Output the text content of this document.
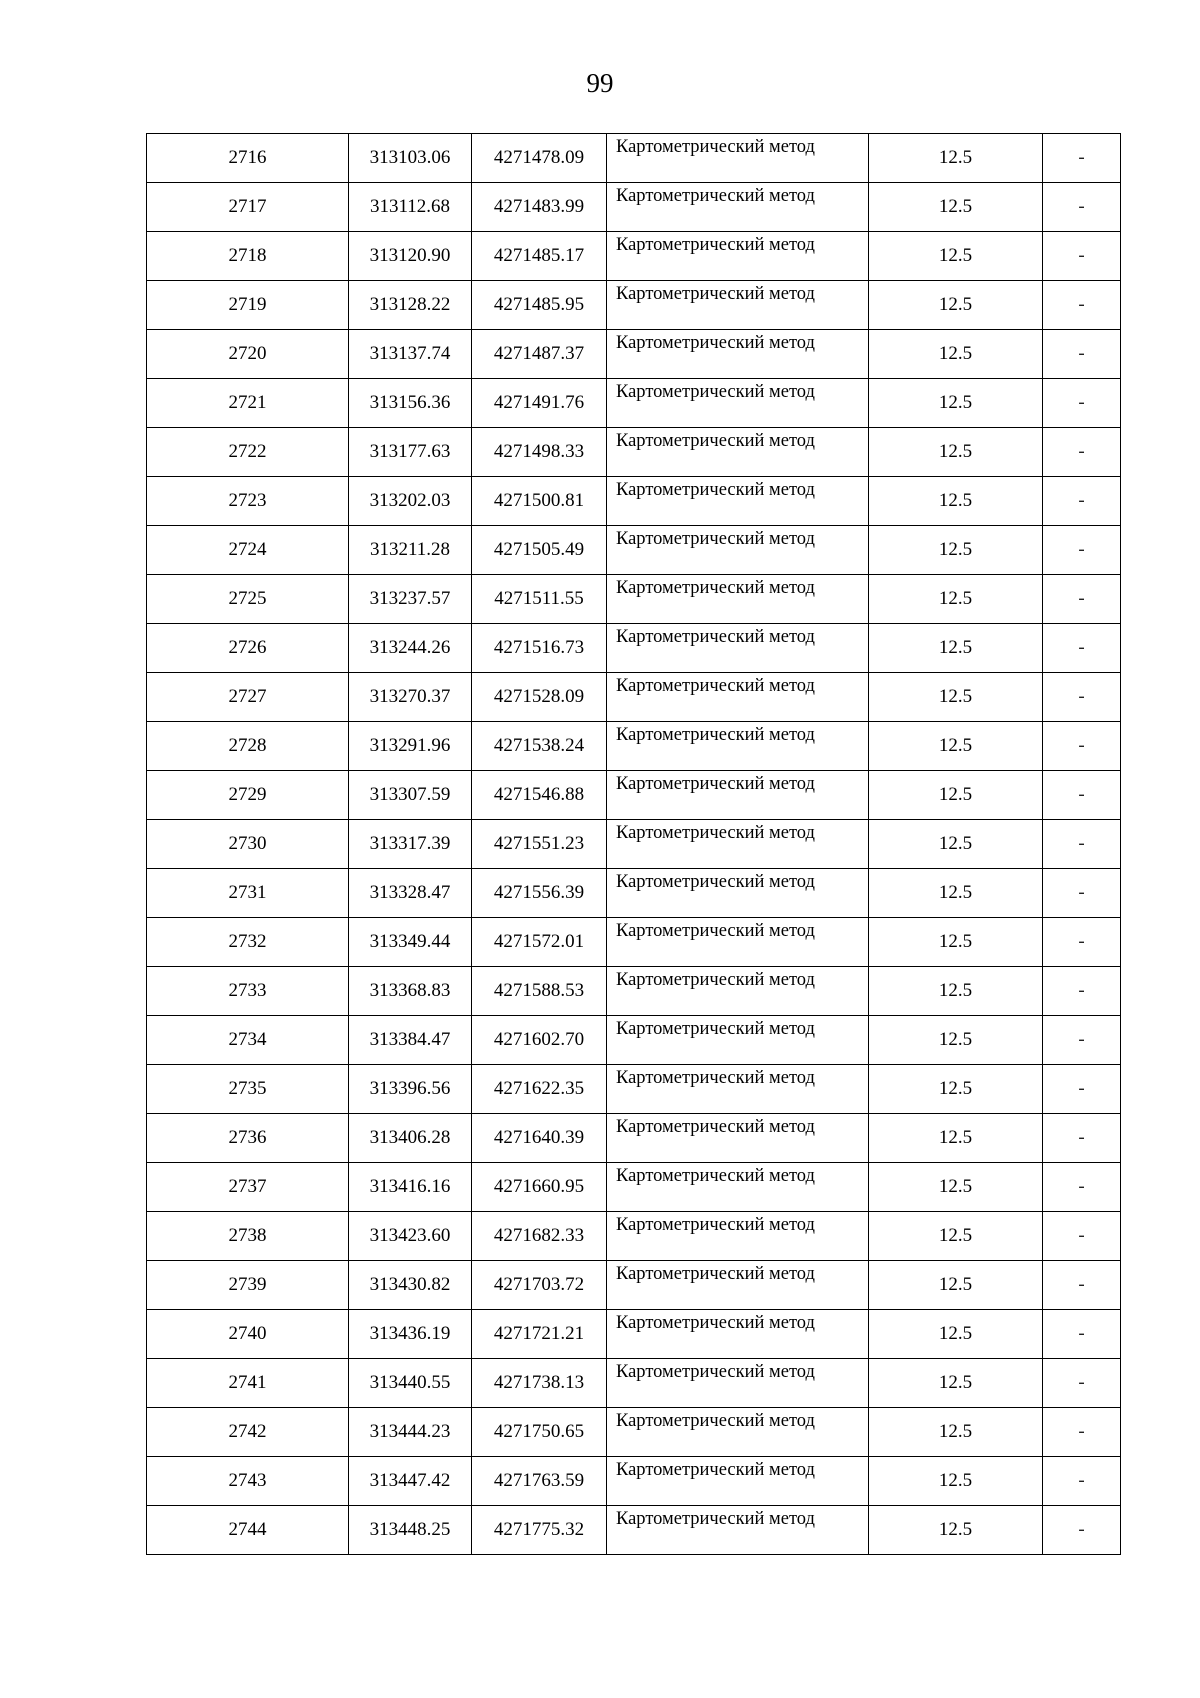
99
2716	313103.06	4271478.09	Картометрический метод	12.5	-
2717	313112.68	4271483.99	Картометрический метод	12.5	-
2718	313120.90	4271485.17	Картометрический метод	12.5	-
2719	313128.22	4271485.95	Картометрический метод	12.5	-
2720	313137.74	4271487.37	Картометрический метод	12.5	-
2721	313156.36	4271491.76	Картометрический метод	12.5	-
2722	313177.63	4271498.33	Картометрический метод	12.5	-
2723	313202.03	4271500.81	Картометрический метод	12.5	-
2724	313211.28	4271505.49	Картометрический метод	12.5	-
2725	313237.57	4271511.55	Картометрический метод	12.5	-
2726	313244.26	4271516.73	Картометрический метод	12.5	-
2727	313270.37	4271528.09	Картометрический метод	12.5	-
2728	313291.96	4271538.24	Картометрический метод	12.5	-
2729	313307.59	4271546.88	Картометрический метод	12.5	-
2730	313317.39	4271551.23	Картометрический метод	12.5	-
2731	313328.47	4271556.39	Картометрический метод	12.5	-
2732	313349.44	4271572.01	Картометрический метод	12.5	-
2733	313368.83	4271588.53	Картометрический метод	12.5	-
2734	313384.47	4271602.70	Картометрический метод	12.5	-
2735	313396.56	4271622.35	Картометрический метод	12.5	-
2736	313406.28	4271640.39	Картометрический метод	12.5	-
2737	313416.16	4271660.95	Картометрический метод	12.5	-
2738	313423.60	4271682.33	Картометрический метод	12.5	-
2739	313430.82	4271703.72	Картометрический метод	12.5	-
2740	313436.19	4271721.21	Картометрический метод	12.5	-
2741	313440.55	4271738.13	Картометрический метод	12.5	-
2742	313444.23	4271750.65	Картометрический метод	12.5	-
2743	313447.42	4271763.59	Картометрический метод	12.5	-
2744	313448.25	4271775.32	Картометрический метод	12.5	-
